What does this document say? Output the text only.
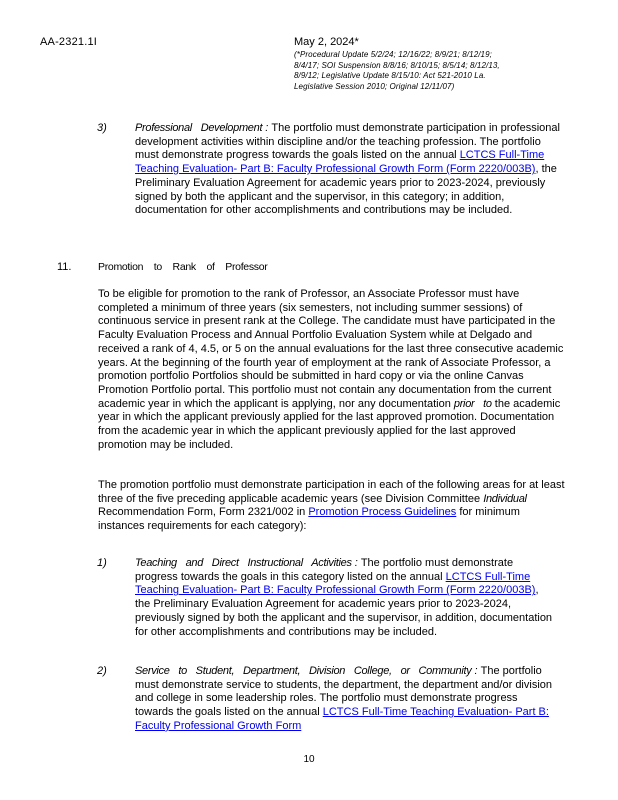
AA-2321.1I	May 2, 2024*
(*Procedural Update 5/2/24; 12/16/22; 8/9/21; 8/12/19;
8/4/17; SOI Suspension 8/8/16; 8/10/15; 8/5/14; 8/12/13,
8/9/12; Legislative Update 8/15/10: Act 521-2010 La.
Legislative Session 2010; Original 12/11/07)
3)	Professional Development : The portfolio must demonstrate participation in professional development activities within discipline and/or the teaching profession. The portfolio must demonstrate progress towards the goals listed on the annual LCTCS Full-Time Teaching Evaluation- Part B: Faculty Professional Growth Form (Form 2220/003B), the Preliminary Evaluation Agreement for academic years prior to 2023-2024, previously signed by both the applicant and the supervisor, in this category; in addition, documentation for other accomplishments and contributions may be included.
11.	Promotion to Rank of Professor
To be eligible for promotion to the rank of Professor, an Associate Professor must have completed a minimum of three years (six semesters, not including summer sessions) of continuous service in present rank at the College. The candidate must have participated in the Faculty Evaluation Process and Annual Portfolio Evaluation System while at Delgado and received a rank of 4, 4.5, or 5 on the annual evaluations for the last three consecutive academic years. At the beginning of the fourth year of employment at the rank of Associate Professor, a promotion portfolio Portfolios should be submitted in hard copy or via the online Canvas Promotion Portfolio portal. This portfolio must not contain any documentation from the current academic year in which the applicant is applying, nor any documentation prior to the academic year in which the applicant previously applied for the last approved promotion. Documentation from the academic year in which the applicant previously applied for the last approved promotion may be included.
The promotion portfolio must demonstrate participation in each of the following areas for at least three of the five preceding applicable academic years (see Division Committee Individual Recommendation Form, Form 2321/002 in Promotion Process Guidelines for minimum instances requirements for each category):
1)	Teaching and Direct Instructional Activities : The portfolio must demonstrate progress towards the goals in this category listed on the annual LCTCS Full-Time Teaching Evaluation- Part B: Faculty Professional Growth Form (Form 2220/003B), the Preliminary Evaluation Agreement for academic years prior to 2023-2024, previously signed by both the applicant and the supervisor, in addition, documentation for other accomplishments and contributions may be included.
2)	Service to Student, Department, Division College, or Community : The portfolio must demonstrate service to students, the department, the department and/or division and college in some leadership roles. The portfolio must demonstrate progress towards the goals listed on the annual LCTCS Full-Time Teaching Evaluation- Part B: Faculty Professional Growth Form
10
